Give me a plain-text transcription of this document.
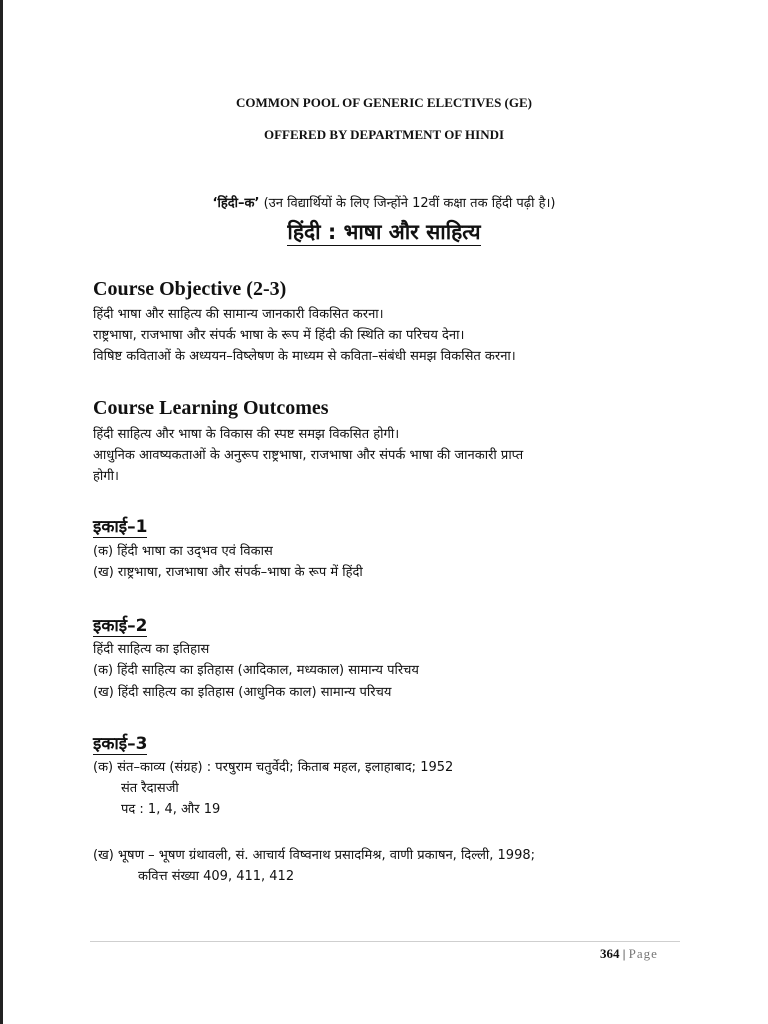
COMMON POOL OF GENERIC ELECTIVES (GE)
OFFERED BY DEPARTMENT OF HINDI
‘हिंदी–क’ (उन विद्यार्थियों के लिए जिन्होंने 12वीं कक्षा तक हिंदी पढ़ी है।)
हिंदी : भाषा और साहित्य
Course Objective (2-3)
हिंदी भाषा और साहित्य की सामान्य जानकारी विकसित करना।
राष्ट्रभाषा, राजभाषा और संपर्क भाषा के रूप में हिंदी की स्थिति का परिचय देना।
विषिष्ट कविताओं के अध्ययन–विष्लेषण के माध्यम से कविता–संबंधी समझ विकसित करना।
Course Learning Outcomes
हिंदी साहित्य और भाषा के विकास की स्पष्ट समझ विकसित होगी।
आधुनिक आवष्यकताओं के अनुरूप राष्ट्रभाषा, राजभाषा और संपर्क भाषा की जानकारी प्राप्त
होगी।
इकाई–1
(क) हिंदी भाषा का उद्‌भव एवं विकास
(ख) राष्ट्रभाषा, राजभाषा और संपर्क–भाषा के रूप में हिंदी
इकाई–2
हिंदी साहित्य का इतिहास
(क) हिंदी साहित्य का इतिहास (आदिकाल, मध्यकाल) सामान्य परिचय
(ख) हिंदी साहित्य का इतिहास (आधुनिक काल) सामान्य परिचय
इकाई–3
(क) संत–काव्य (संग्रह) : परषुराम चतुर्वेदी; किताब महल, इलाहाबाद; 1952
संत रैदासजी
पद : 1, 4, और 19
(ख) भूषण – भूषण ग्रंथावली, सं. आचार्य विष्वनाथ प्रसादमिश्र, वाणी प्रकाषन, दिल्ली, 1998;
कवित्त संख्या 409, 411, 412
364 | Page
